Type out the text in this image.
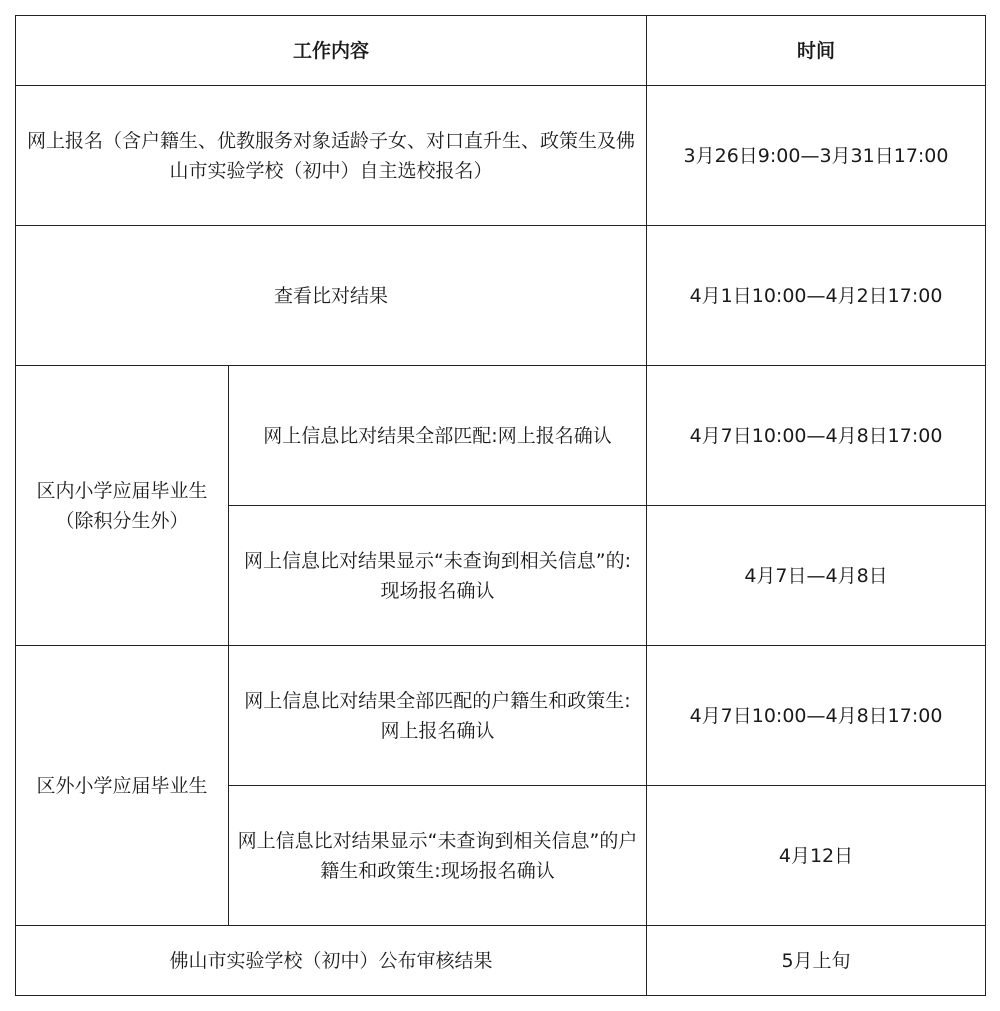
工作内容		时间

网上报名（含户籍生、优教服务对象适龄子女、对口直升生、政策生及佛山市实验学校（初中）自主选校报名）		3月26日9:00—3月31日17:00
查看比对结果		4月1日10:00—4月2日17:00

区内小学应届毕业生
（除积分生外）	网上信息比对结果全部匹配:网上报名确认	4月7日10:00—4月8日17:00
	网上信息比对结果显示“未查询到相关信息”的:现场报名确认	4月7日—4月8日
区外小学应届毕业生	网上信息比对结果全部匹配的户籍生和政策生:网上报名确认	4月7日10:00—4月8日17:00
	网上信息比对结果显示“未查询到相关信息”的户籍生和政策生:现场报名确认	4月12日
佛山市实验学校（初中）公布审核结果		5月上旬
